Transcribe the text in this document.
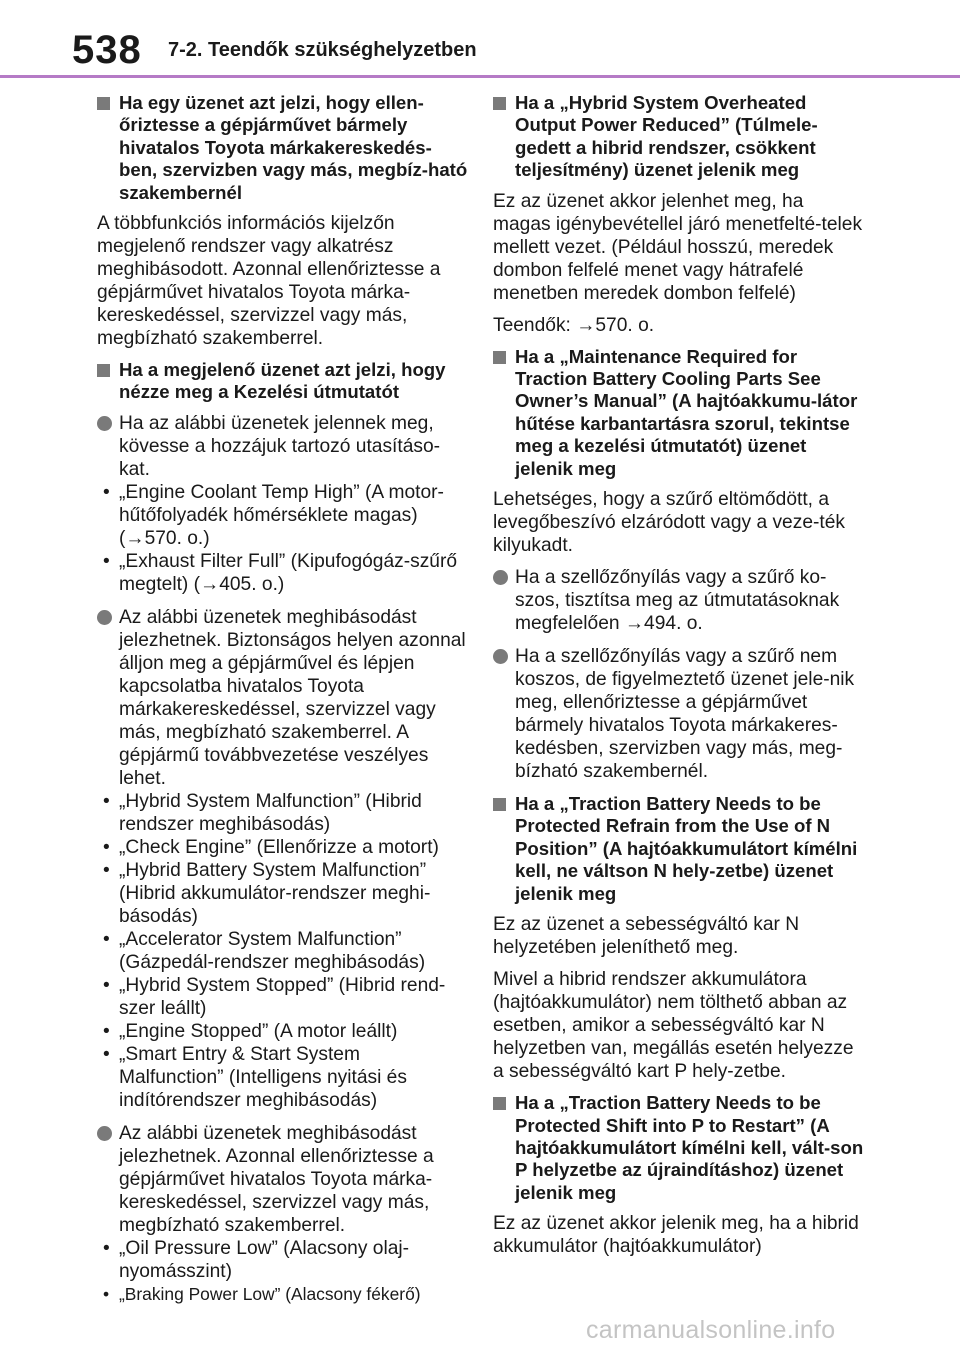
538 7-2. Teendők szükséghelyzetben
Ha egy üzenet azt jelzi, hogy ellen-őriztesse a gépjárművet bármely hivatalos Toyota márkakereskedés-ben, szervizben vagy más, megbíz-ható szakembernél
A többfunkciós információs kijelzőn megjelenő rendszer vagy alkatrész meghibásodott. Azonnal ellenőriztesse a gépjárművet hivatalos Toyota márka-kereskedéssel, szervizzel vagy más, megbízható szakemberrel.
Ha a megjelenő üzenet azt jelzi, hogy nézze meg a Kezelési útmutatót
Ha az alábbi üzenetek jelennek meg, kövesse a hozzájuk tartozó utasításo-kat.
• „Engine Coolant Temp High” (A motor-hűtőfolyadék hőmérséklete magas) (→570. o.)
• „Exhaust Filter Full” (Kipufogógáz-szűrő megtelt) (→405. o.)
Az alábbi üzenetek meghibásodást jelezhetnek. Biztonságos helyen azonnal álljon meg a gépjárművel és lépjen kapcsolatba hivatalos Toyota márkakereskedéssel, szervizzel vagy más, megbízható szakemberrel. A gépjármű továbbvezetése veszélyes lehet.
• „Hybrid System Malfunction” (Hibrid rendszer meghibásodás)
• „Check Engine” (Ellenőrizze a motort)
• „Hybrid Battery System Malfunction” (Hibrid akkumulátor-rendszer meghi-básodás)
• „Accelerator System Malfunction” (Gázpedál-rendszer meghibásodás)
• „Hybrid System Stopped” (Hibrid rend-szer leállt)
• „Engine Stopped” (A motor leállt)
• „Smart Entry & Start System Malfunction” (Intelligens nyitási és indítórendszer meghibásodás)
Az alábbi üzenetek meghibásodást jelezhetnek. Azonnal ellenőriztesse a gépjárművet hivatalos Toyota márka-kereskedéssel, szervizzel vagy más, megbízható szakemberrel.
• „Oil Pressure Low” (Alacsony olaj-nyomásszint)
• „Braking Power Low” (Alacsony fékerő)
Ha a „Hybrid System Overheated Output Power Reduced” (Túlmele-gedett a hibrid rendszer, csökkent teljesítmény) üzenet jelenik meg
Ez az üzenet akkor jelenhet meg, ha magas igénybevétellel járó menetfelté-telek mellett vezet. (Például hosszú, meredek dombon felfelé menet vagy hátrafelé menetben meredek dombon felfelé)
Teendők: →570. o.
Ha a „Maintenance Required for Traction Battery Cooling Parts See Owner’s Manual” (A hajtóakkumu-látor hűtése karbantartásra szorul, tekintse meg a kezelési útmutatót) üzenet jelenik meg
Lehetséges, hogy a szűrő eltömődött, a levegőbeszívó elzáródott vagy a veze-ték kilyukadt.
Ha a szellőzőnyílás vagy a szűrő ko-szos, tisztítsa meg az útmutatásoknak megfelelően →494. o.
Ha a szellőzőnyílás vagy a szűrő nem koszos, de figyelmeztető üzenet jele-nik meg, ellenőriztesse a gépjárművet bármely hivatalos Toyota márkakeres-kedésben, szervizben vagy más, meg-bízható szakembernél.
Ha a „Traction Battery Needs to be Protected Refrain from the Use of N Position” (A hajtóakkumulátort kímélni kell, ne váltson N hely-zetbe) üzenet jelenik meg
Ez az üzenet a sebességváltó kar N helyzetében jeleníthető meg.
Mivel a hibrid rendszer akkumulátora (hajtóakkumulátor) nem tölthető abban az esetben, amikor a sebességváltó kar N helyzetben van, megállás esetén helyezze a sebességváltó kart P hely-zetbe.
Ha a „Traction Battery Needs to be Protected Shift into P to Restart” (A hajtóakkumulátort kímélni kell, vált-son P helyzetbe az újraindításhoz) üzenet jelenik meg
Ez az üzenet akkor jelenik meg, ha a hibrid akkumulátor (hajtóakkumulátor)
carmanualsonline.info
